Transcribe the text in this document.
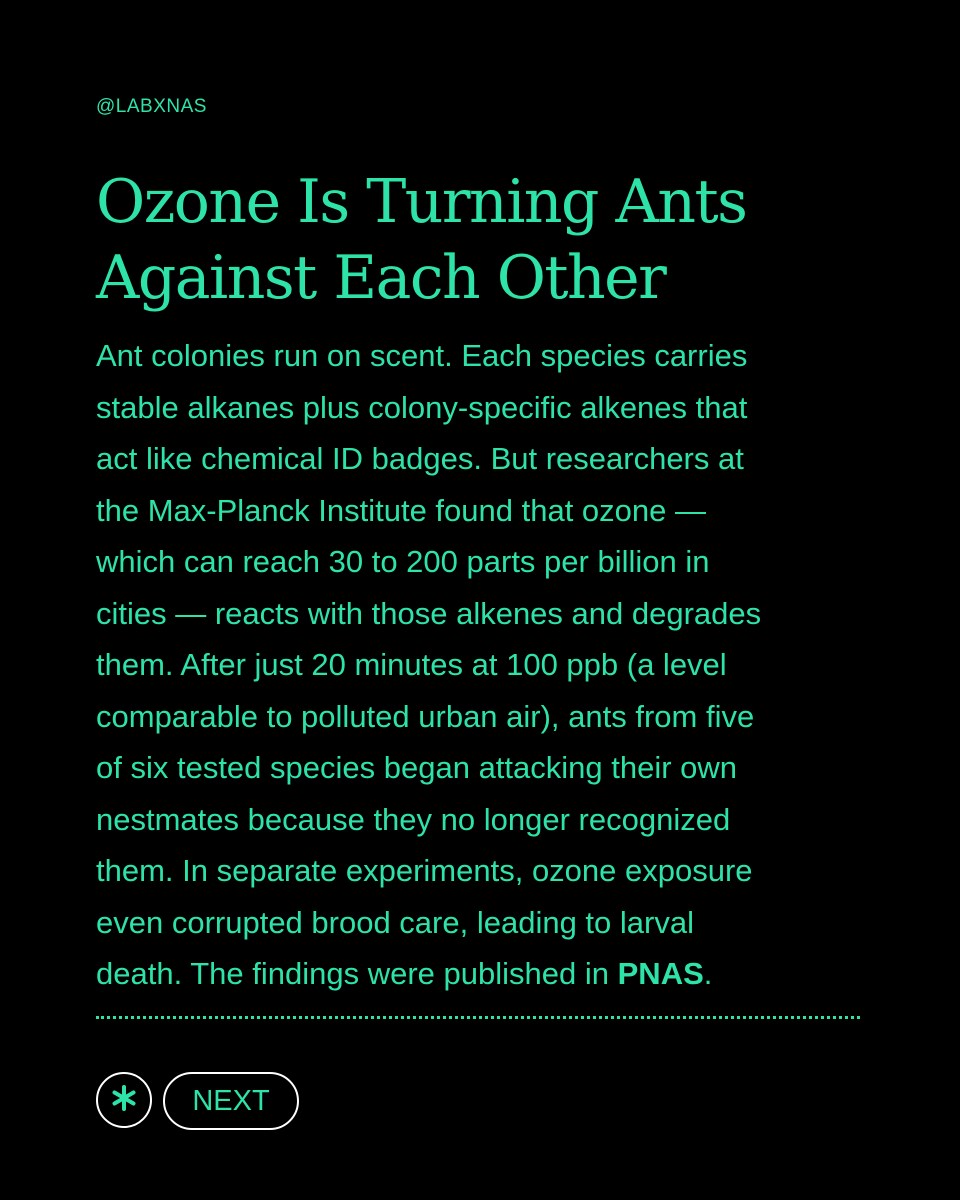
@LABXNAS
Ozone Is Turning Ants
Against Each Other

Ant colonies run on scent. Each species carries
stable alkanes plus colony-specific alkenes that
act like chemical ID badges. But researchers at
the Max-Planck Institute found that ozone —
which can reach 30 to 200 parts per billion in
cities — reacts with those alkenes and degrades
them. After just 20 minutes at 100 ppb (a level
comparable to polluted urban air), ants from five
of six tested species began attacking their own
nestmates because they no longer recognized
them. In separate experiments, ozone exposure
even corrupted brood care, leading to larval
death. The findings were published in PNAS.

NEXT
